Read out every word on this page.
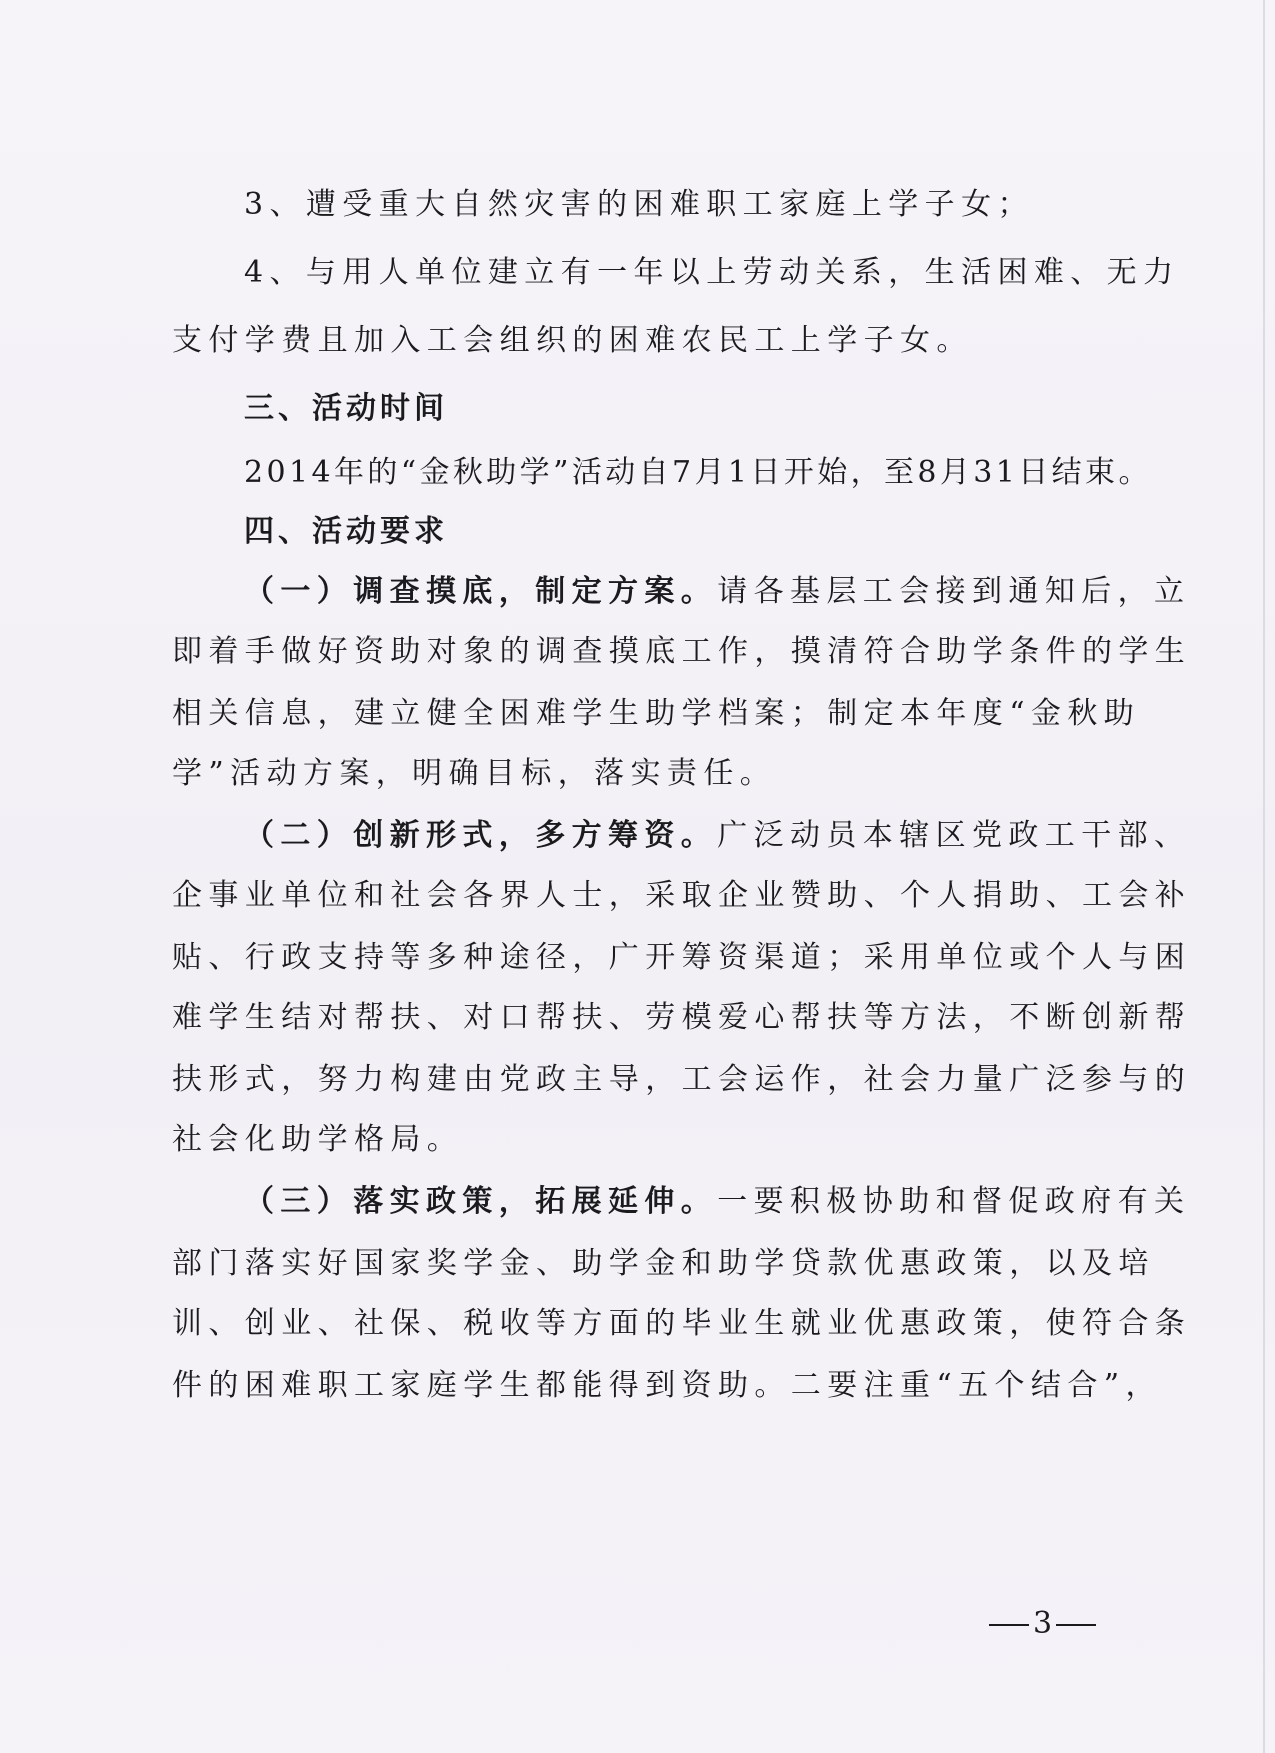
3、遭受重大自然灾害的困难职工家庭上学子女；
4、与用人单位建立有一年以上劳动关系，生活困难、无力
支付学费且加入工会组织的困难农民工上学子女。
三、活动时间
2014年的“金秋助学”活动自7月1日开始，至8月31日结束。
四、活动要求
（一）调查摸底，制定方案。请各基层工会接到通知后，立
即着手做好资助对象的调查摸底工作，摸清符合助学条件的学生
相关信息，建立健全困难学生助学档案；制定本年度“金秋助
学”活动方案，明确目标，落实责任。
（二）创新形式，多方筹资。广泛动员本辖区党政工干部、
企事业单位和社会各界人士，采取企业赞助、个人捐助、工会补
贴、行政支持等多种途径，广开筹资渠道；采用单位或个人与困
难学生结对帮扶、对口帮扶、劳模爱心帮扶等方法，不断创新帮
扶形式，努力构建由党政主导，工会运作，社会力量广泛参与的
社会化助学格局。
（三）落实政策，拓展延伸。一要积极协助和督促政府有关
部门落实好国家奖学金、助学金和助学贷款优惠政策，以及培
训、创业、社保、税收等方面的毕业生就业优惠政策，使符合条
件的困难职工家庭学生都能得到资助。二要注重“五个结合”，
3
